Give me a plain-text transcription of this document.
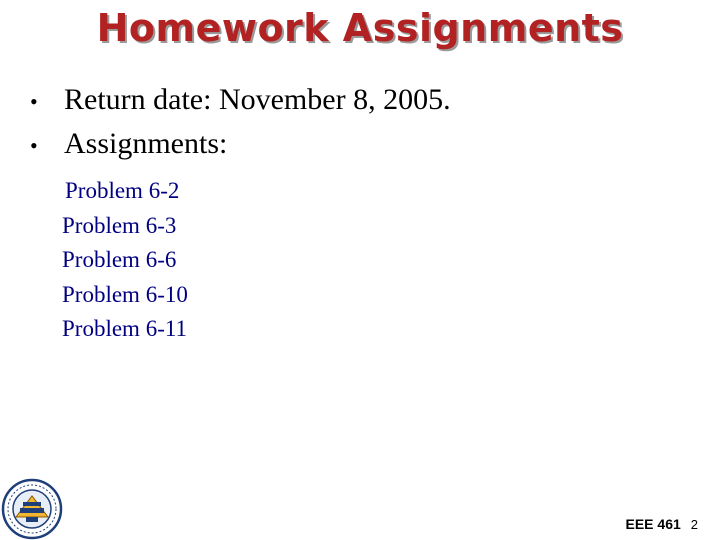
Homework Assignments
• Return date: November 8, 2005.
• Assignments:
Problem 6-2
Problem 6-3
Problem 6-6
Problem 6-10
Problem 6-11
EEE 461 2
